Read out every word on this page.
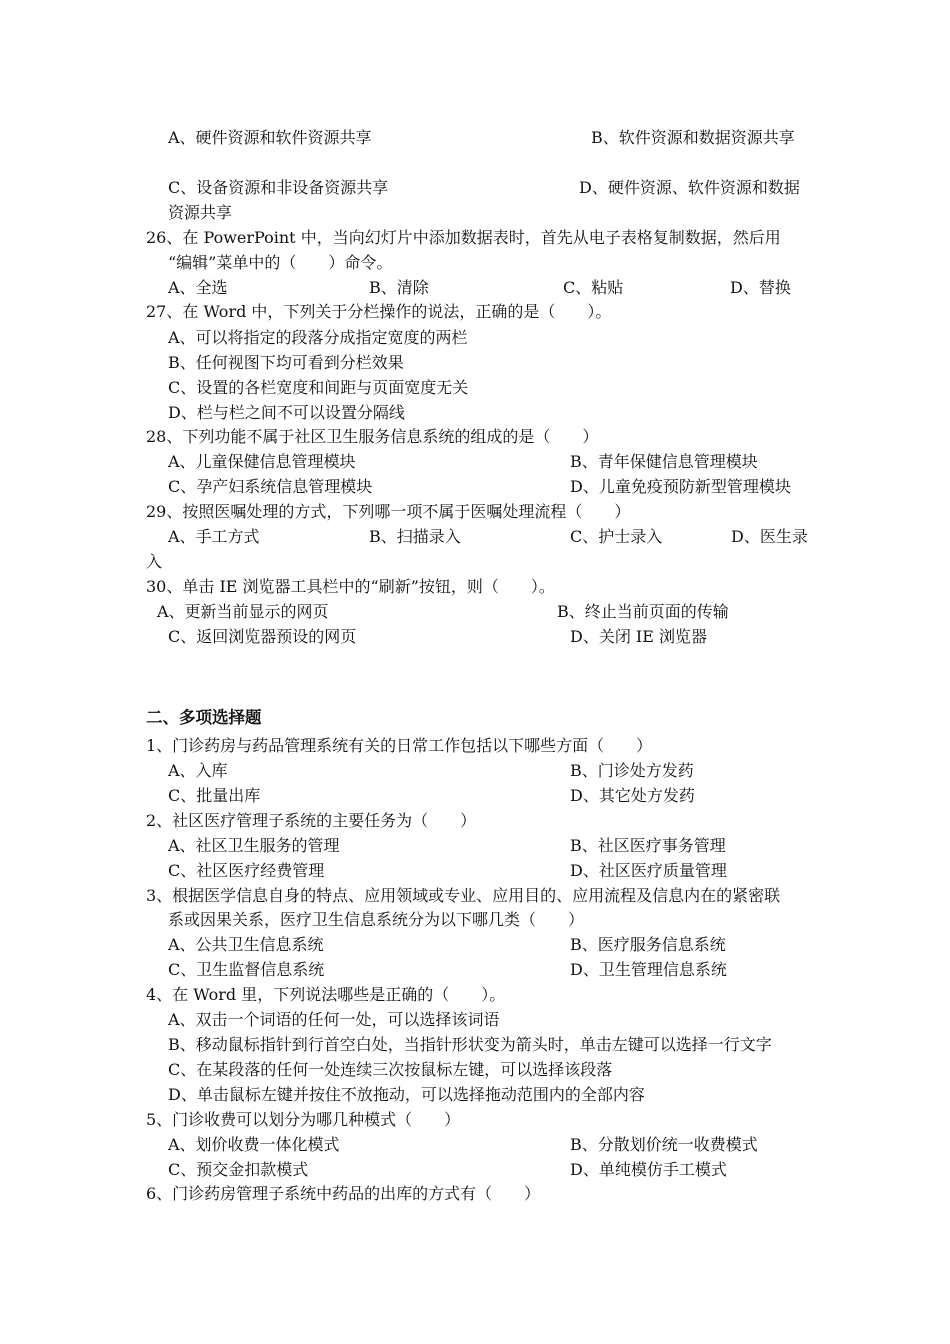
A、硬件资源和软件资源共享	B、软件资源和数据资源共享
C、设备资源和非设备资源共享	D、硬件资源、软件资源和数据
资源共享
26、在 PowerPoint 中，当向幻灯片中添加数据表时，首先从电子表格复制数据，然后用
“编辑”菜单中的（　　）命令。
A、全选	B、清除	C、粘贴	D、替换
27、在 Word 中，下列关于分栏操作的说法，正确的是（　　）。
A、可以将指定的段落分成指定宽度的两栏
B、任何视图下均可看到分栏效果
C、设置的各栏宽度和间距与页面宽度无关
D、栏与栏之间不可以设置分隔线
28、下列功能不属于社区卫生服务信息系统的组成的是（　　）
A、儿童保健信息管理模块	B、青年保健信息管理模块
C、孕产妇系统信息管理模块	D、儿童免疫预防新型管理模块
29、按照医嘱处理的方式，下列哪一项不属于医嘱处理流程（　　）
A、手工方式	B、扫描录入	C、护士录入	D、医生录
入
30、单击 IE 浏览器工具栏中的“刷新”按钮，则（　　）。
A、更新当前显示的网页	B、终止当前页面的传输
C、返回浏览器预设的网页	D、关闭 IE 浏览器
二、多项选择题
1、门诊药房与药品管理系统有关的日常工作包括以下哪些方面（　　）
A、入库	B、门诊处方发药
C、批量出库	D、其它处方发药
2、社区医疗管理子系统的主要任务为（　　）
A、社区卫生服务的管理	B、社区医疗事务管理
C、社区医疗经费管理	D、社区医疗质量管理
3、根据医学信息自身的特点、应用领域或专业、应用目的、应用流程及信息内在的紧密联
系或因果关系，医疗卫生信息系统分为以下哪几类（　　）
A、公共卫生信息系统	B、医疗服务信息系统
C、卫生监督信息系统	D、卫生管理信息系统
4、在 Word 里，下列说法哪些是正确的（　　）。
A、双击一个词语的任何一处，可以选择该词语
B、移动鼠标指针到行首空白处，当指针形状变为箭头时，单击左键可以选择一行文字
C、在某段落的任何一处连续三次按鼠标左键，可以选择该段落
D、单击鼠标左键并按住不放拖动，可以选择拖动范围内的全部内容
5、门诊收费可以划分为哪几种模式（　　）
A、划价收费一体化模式	B、分散划价统一收费模式
C、预交金扣款模式	D、单纯模仿手工模式
6、门诊药房管理子系统中药品的出库的方式有（　　）
